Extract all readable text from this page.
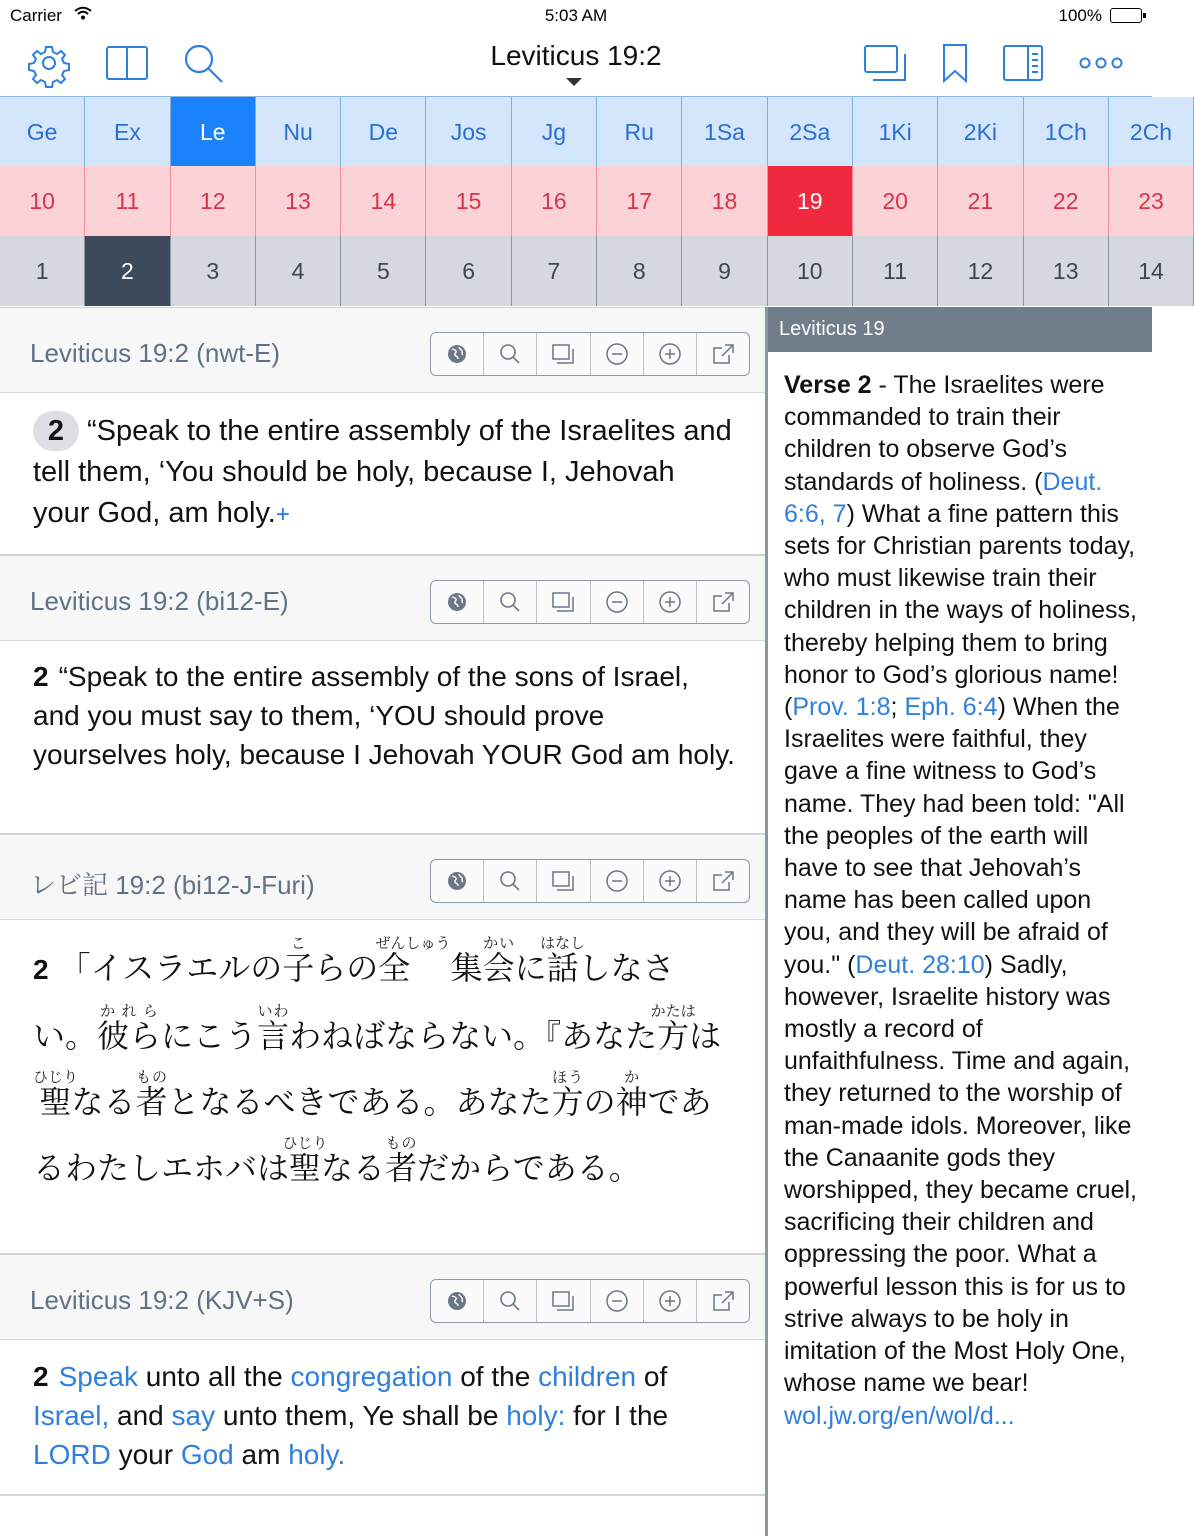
Carrier	5:03 AM	100%
Leviticus 19:2
Ge	Ex	Le	Nu	De	Jos	Jg	Ru	1Sa	2Sa	1Ki	2Ki	1Ch	2Ch
10	11	12	13	14	15	16	17	18	19	20	21	22	23
1	2	3	4	5	6	7	8	9	10	11	12	13	14
Leviticus 19:2 (nwt-E)
2 “Speak to the entire assembly of the Israelites and tell them, ‘You should be holy, because I, Jehovah your God, am holy.+
Leviticus 19:2 (bi12-E)
2 “Speak to the entire assembly of the sons of Israel, and you must say to them, ‘YOU should prove yourselves holy, because I Jehovah YOUR God am holy.
レビ記 19:2 (bi12-J-Furi)
2 「イスラエルの子こらの全　ぜんしゅう集会かいに話はなししなさい。彼らかれらにこう言いわわねばならない。『あなた方かたはは　聖ひじりなる者ものとなるべきである。あなた方ほうの神かであるわたしエホバは聖ひじりなる者ものだからである。
Leviticus 19:2 (KJV+S)
2 Speak unto all the congregation of the children of Israel, and say unto them, Ye shall be holy: for I the LORD your God am holy.
Leviticus 19
Verse 2 - The Israelites were commanded to train their children to observe God’s standards of holiness. (Deut. 6:6, 7) What a fine pattern this sets for Christian parents today, who must likewise train their children in the ways of holiness, thereby helping them to bring honor to God’s glorious name! (Prov. 1:8; Eph. 6:4) When the Israelites were faithful, they gave a fine witness to God’s name. They had been told: "All the peoples of the earth will have to see that Jehovah’s name has been called upon you, and they will be afraid of you." (Deut. 28:10) Sadly, however, Israelite history was mostly a record of unfaithfulness. Time and again, they returned to the worship of man-made idols. Moreover, like the Canaanite gods they worshipped, they became cruel, sacrificing their children and oppressing the poor. What a powerful lesson this is for us to strive always to be holy in imitation of the Most Holy One, whose name we bear! wol.jw.org/en/wol/d...
